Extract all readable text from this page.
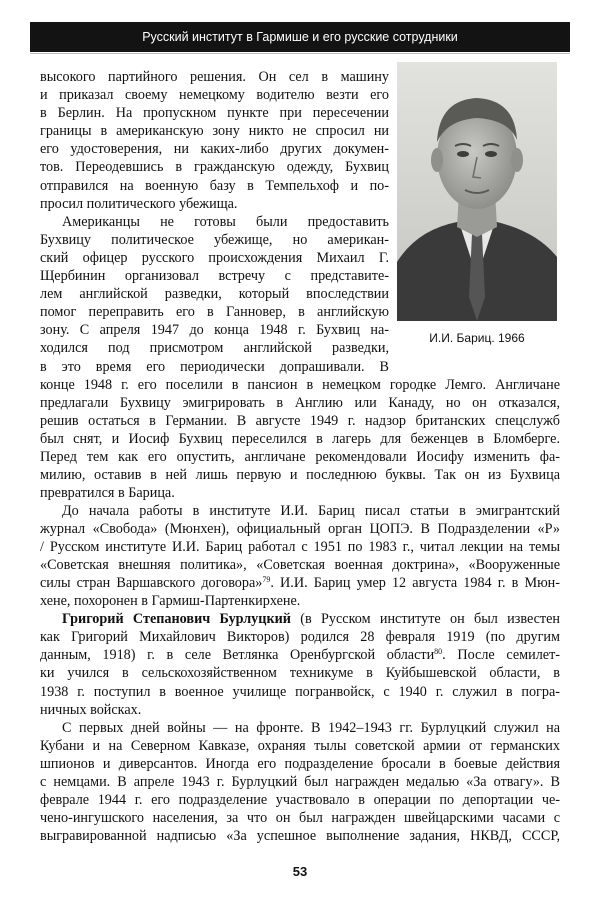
Русский институт в Гармише и его русские сотрудники
И.И. Бариц. 1966
высокого партийного решения. Он сел в машину
и приказал своему немецкому водителю везти его
в Берлин. На пропускном пункте при пересечении
границы в американскую зону никто не спросил ни
его удостоверения, ни каких-либо других докумен-
тов. Переодевшись в гражданскую одежду, Бухвиц
отправился на военную базу в Темпельхоф и по-
просил политического убежища.
Американцы не готовы были предоставить
Бухвицу политическое убежище, но американ-
ский офицер русского происхождения Михаил Г.
Щербинин организовал встречу с представите-
лем английской разведки, который впоследствии
помог переправить его в Ганновер, в английскую
зону. С апреля 1947 до конца 1948 г. Бухвиц на-
ходился под присмотром английской разведки,
в это время его периодически допрашивали. В
конце 1948 г. его поселили в пансион в немецком городке Лемго. Англичане
предлагали Бухвицу эмигрировать в Англию или Канаду, но он отказался,
решив остаться в Германии. В августе 1949 г. надзор британских спецслужб
был снят, и Иосиф Бухвиц переселился в лагерь для беженцев в Бломберге.
Перед тем как его опустить, англичане рекомендовали Иосифу изменить фа-
милию, оставив в ней лишь первую и последнюю буквы. Так он из Бухвица
превратился в Барица.
До начала работы в институте И.И. Бариц писал статьи в эмигрантский
журнал «Свобода» (Мюнхен), официальный орган ЦОПЭ. В Подразделении «Р»
/ Русском институте И.И. Бариц работал с 1951 по 1983 г., читал лекции на темы
«Советская внешняя политика», «Советская военная доктрина», «Вооруженные
силы стран Варшавского договора»$^{79}$. И.И. Бариц умер 12 августа 1984 г. в Мюн-
хене, похоронен в Гармиш-Партенкирхене.
Григорий Степанович Бурлуцкий (в Русском институте он был известен
как Григорий Михайлович Викторов) родился 28 февраля 1919 (по другим
данным, 1918) г. в селе Ветлянка Оренбургской области$^{80}$. После семилет-
ки учился в сельскохозяйственном техникуме в Куйбышевской области, в
1938 г. поступил в военное училище погранвойск, с 1940 г. служил в погра-
ничных войсках.
С первых дней войны — на фронте. В 1942–1943 гг. Бурлуцкий служил на
Кубани и на Северном Кавказе, охраняя тылы советской армии от германских
шпионов и диверсантов. Иногда его подразделение бросали в боевые действия
с немцами. В апреле 1943 г. Бурлуцкий был награжден медалью «За отвагу». В
феврале 1944 г. его подразделение участвовало в операции по депортации че-
чено-ингушского населения, за что он был награжден швейцарскими часами с
выгравированной надписью «За успешное выполнение задания, НКВД, СССР,
53
